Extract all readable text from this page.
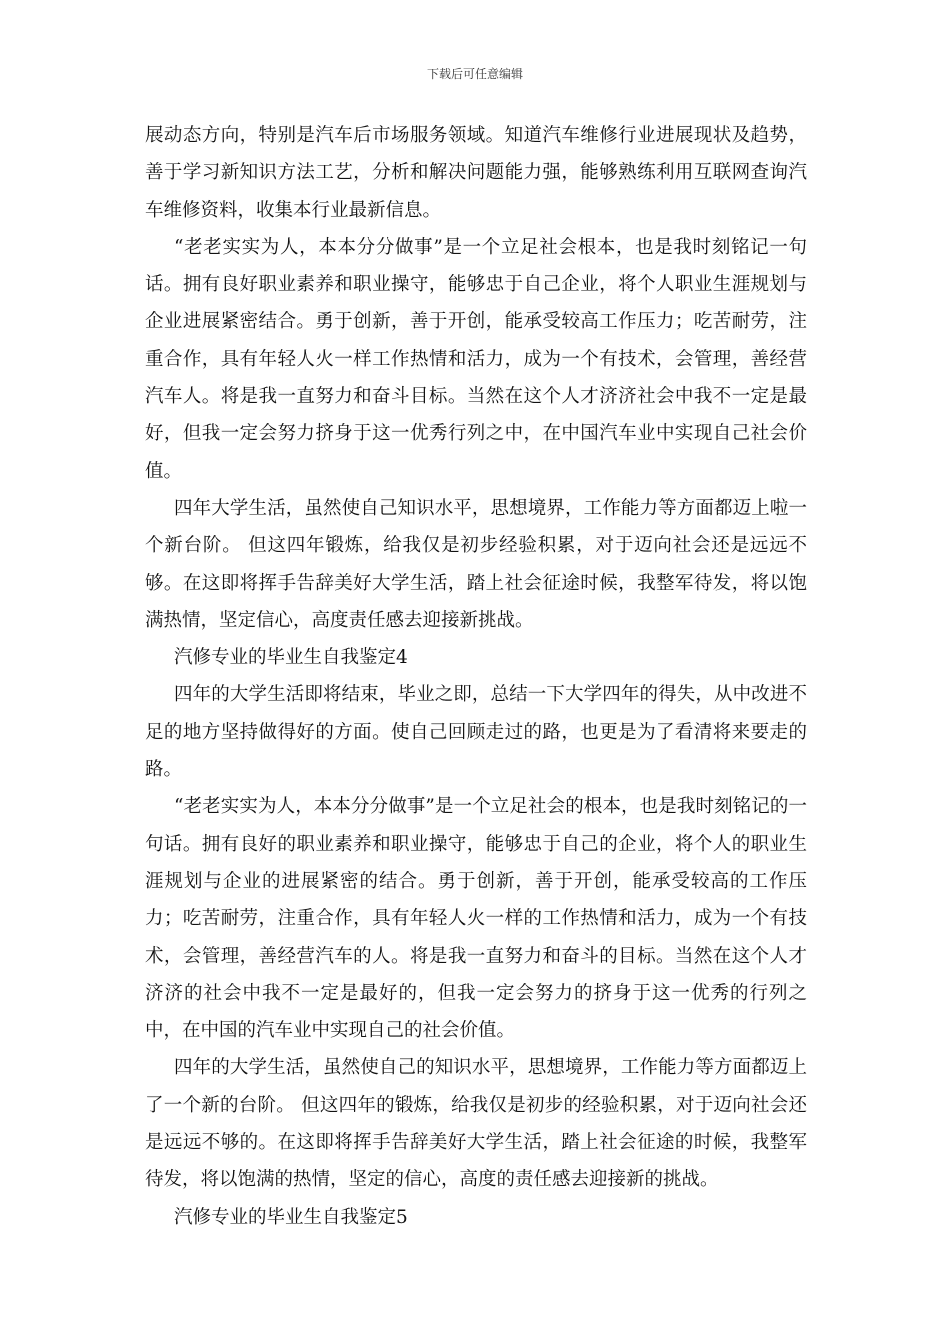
下载后可任意编辑

展动态方向，特别是汽车后市场服务领域。知道汽车维修行业进展现状及趋势，善于学习新知识方法工艺，分析和解决问题能力强，能够熟练利用互联网查询汽车维修资料，收集本行业最新信息。

“老老实实为人，本本分分做事”是一个立足社会根本，也是我时刻铭记一句话。拥有良好职业素养和职业操守，能够忠于自己企业，将个人职业生涯规划与企业进展紧密结合。勇于创新，善于开创，能承受较高工作压力；吃苦耐劳，注重合作，具有年轻人火一样工作热情和活力，成为一个有技术，会管理，善经营汽车人。将是我一直努力和奋斗目标。当然在这个人才济济社会中我不一定是最好，但我一定会努力挤身于这一优秀行列之中，在中国汽车业中实现自己社会价值。

四年大学生活，虽然使自己知识水平，思想境界，工作能力等方面都迈上啦一个新台阶。 但这四年锻炼，给我仅是初步经验积累，对于迈向社会还是远远不够。在这即将挥手告辞美好大学生活，踏上社会征途时候，我整军待发，将以饱满热情，坚定信心，高度责任感去迎接新挑战。

汽修专业的毕业生自我鉴定4

四年的大学生活即将结束，毕业之即，总结一下大学四年的得失，从中改进不足的地方坚持做得好的方面。使自己回顾走过的路，也更是为了看清将来要走的路。

“老老实实为人，本本分分做事”是一个立足社会的根本，也是我时刻铭记的一句话。拥有良好的职业素养和职业操守，能够忠于自己的企业，将个人的职业生涯规划与企业的进展紧密的结合。勇于创新，善于开创，能承受较高的工作压力；吃苦耐劳，注重合作，具有年轻人火一样的工作热情和活力，成为一个有技术，会管理，善经营汽车的人。将是我一直努力和奋斗的目标。当然在这个人才济济的社会中我不一定是最好的，但我一定会努力的挤身于这一优秀的行列之中，在中国的汽车业中实现自己的社会价值。

四年的大学生活，虽然使自己的知识水平，思想境界，工作能力等方面都迈上了一个新的台阶。 但这四年的锻炼，给我仅是初步的经验积累，对于迈向社会还是远远不够的。在这即将挥手告辞美好大学生活，踏上社会征途的时候，我整军待发，将以饱满的热情，坚定的信心，高度的责任感去迎接新的挑战。

汽修专业的毕业生自我鉴定5
